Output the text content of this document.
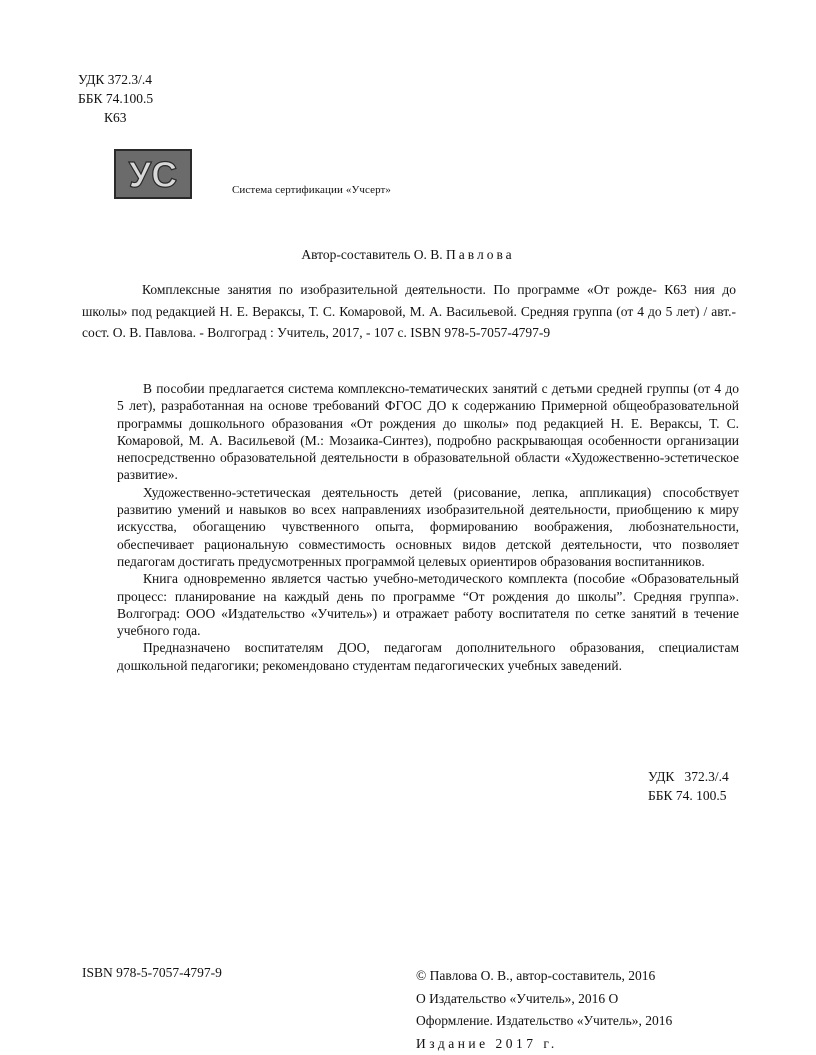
УДК 372.3/.4
ББК 74.100.5
К63
УС	Система сертификации «Учсерт»
Автор-составитель О. В. Павлова
Комплексные занятия по изобразительной деятельности. По программе «От рожде- К63 ния до школы» под редакцией Н. Е. Вераксы, Т. С. Комаровой, М. А. Васильевой. Средняя группа (от 4 до 5 лет) / авт.-сост. О. В. Павлова. - Волгоград : Учитель, 2017, - 107 с. ISBN 978-5-7057-4797-9

В пособии предлагается система комплексно-тематических занятий с детьми средней группы (от 4 до 5 лет), разработанная на основе требований ФГОС ДО к содержанию Примерной общеобразовательной программы дошкольного образования «От рождения до школы» под редакцией Н. Е. Вераксы, Т. С. Комаровой, М. А. Васильевой (М.: Мозаика-Синтез), подробно раскрывающая особенности организации непосредственно образовательной деятельности в образовательной области «Художественно-эстетическое развитие».

Художественно-эстетическая деятельность детей (рисование, лепка, аппликация) способствует развитию умений и навыков во всех направлениях изобразительной деятельности, приобщению к миру искусства, обогащению чувственного опыта, формированию воображения, любознательности, обеспечивает рациональную совместимость основных видов детской деятельности, что позволяет педагогам достигать предусмотренных программой целевых ориентиров образования воспитанников.

Книга одновременно является частью учебно-методического комплекта (пособие «Образовательный процесс: планирование на каждый день по программе “От рождения до школы”. Средняя группа». Волгоград: ООО «Издательство «Учитель») и отражает работу воспитателя по сетке занятий в течение учебного года.

Предназначено воспитателям ДОО, педагогам дополнительного образования, специалистам дошкольной педагогики; рекомендовано студентам педагогических учебных заведений.

УДК   372.3/.4
ББК 74. 100.5
ISBN 978-5-7057-4797-9	© Павлова О. В., автор-составитель, 2016
О Издательство «Учитель», 2016 О
Оформление. Издательство «Учитель», 2016
Издание 2017 г.
